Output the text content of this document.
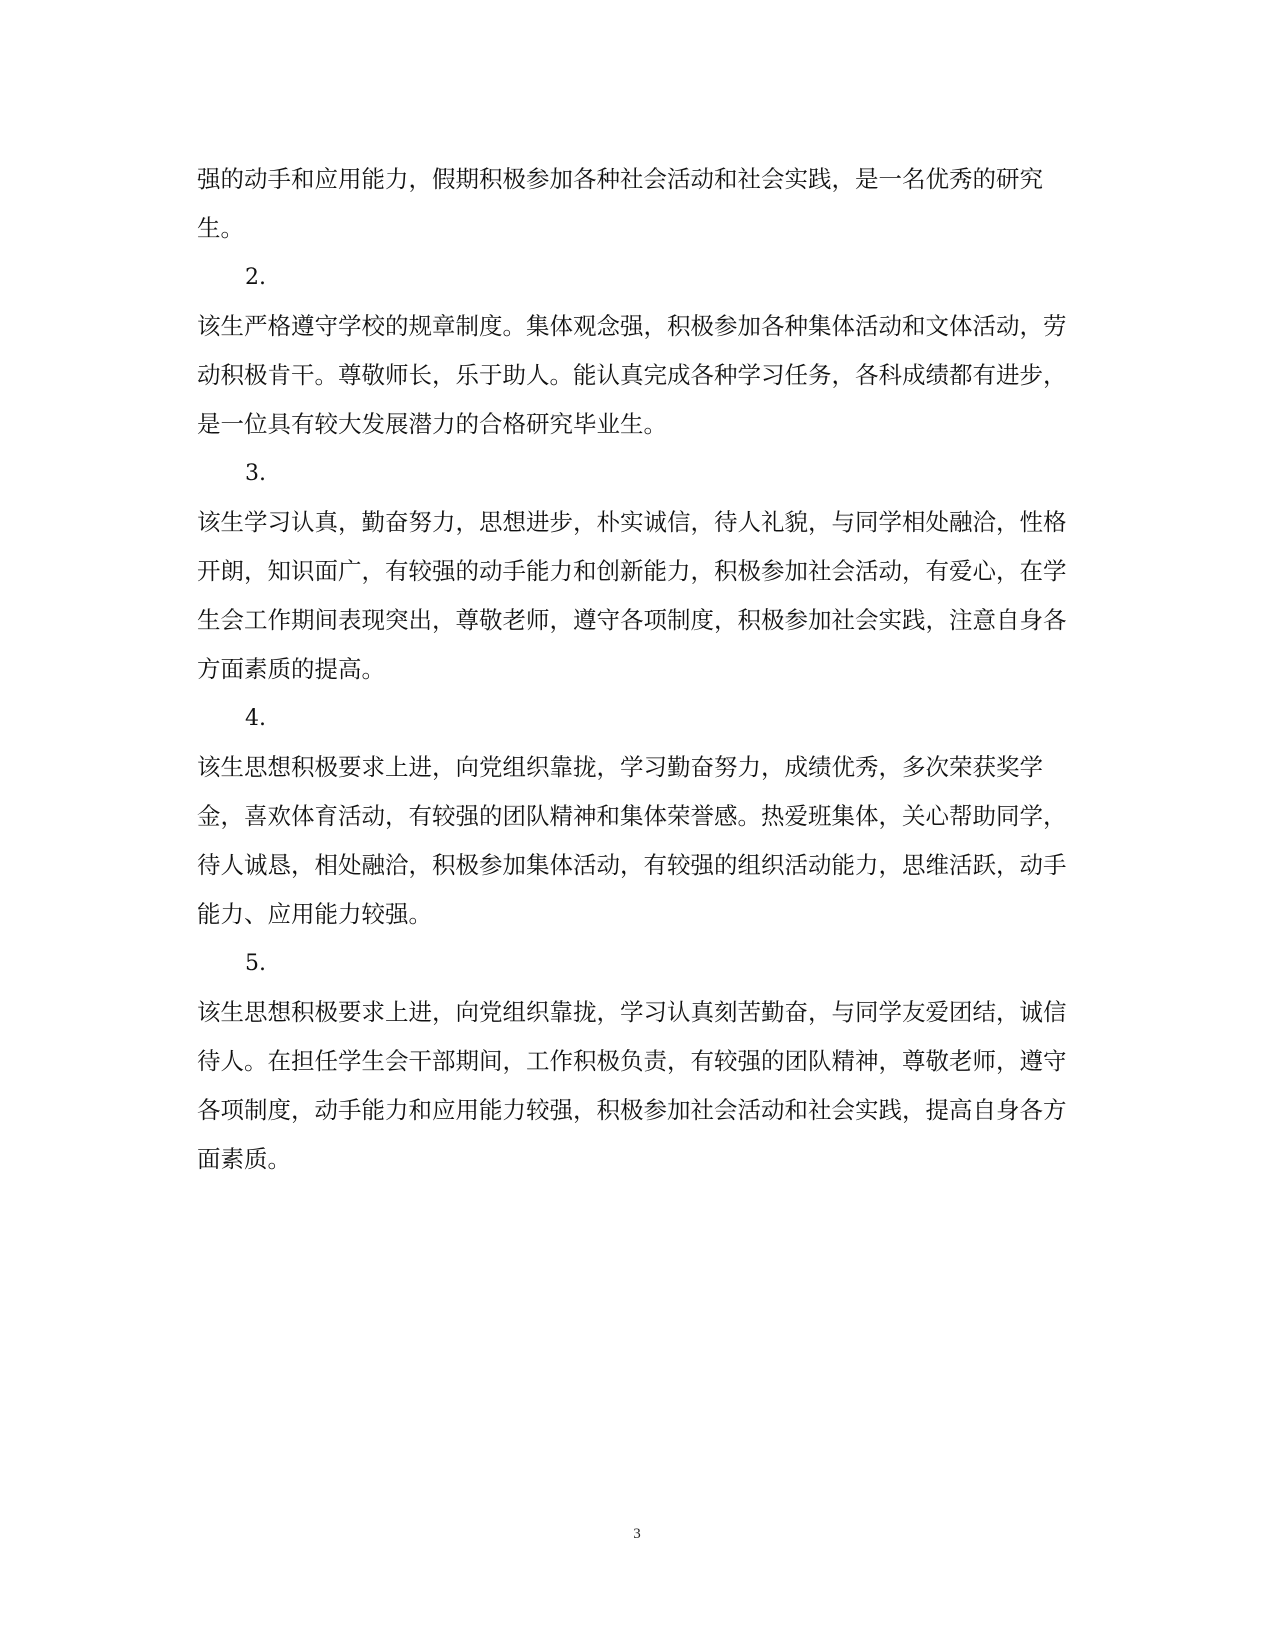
强的动手和应用能力，假期积极参加各种社会活动和社会实践，是一名优秀的研究生。

2.

该生严格遵守学校的规章制度。集体观念强，积极参加各种集体活动和文体活动，劳动积极肯干。尊敬师长，乐于助人。能认真完成各种学习任务，各科成绩都有进步，是一位具有较大发展潜力的合格研究毕业生。

3.

该生学习认真，勤奋努力，思想进步，朴实诚信，待人礼貌，与同学相处融洽，性格开朗，知识面广，有较强的动手能力和创新能力，积极参加社会活动，有爱心，在学生会工作期间表现突出，尊敬老师，遵守各项制度，积极参加社会实践，注意自身各方面素质的提高。

4.

该生思想积极要求上进，向党组织靠拢，学习勤奋努力，成绩优秀，多次荣获奖学金，喜欢体育活动，有较强的团队精神和集体荣誉感。热爱班集体，关心帮助同学，待人诚恳，相处融洽，积极参加集体活动，有较强的组织活动能力，思维活跃，动手能力、应用能力较强。

5.

该生思想积极要求上进，向党组织靠拢，学习认真刻苦勤奋，与同学友爱团结，诚信待人。在担任学生会干部期间，工作积极负责，有较强的团队精神，尊敬老师，遵守各项制度，动手能力和应用能力较强，积极参加社会活动和社会实践，提高自身各方面素质。

3
